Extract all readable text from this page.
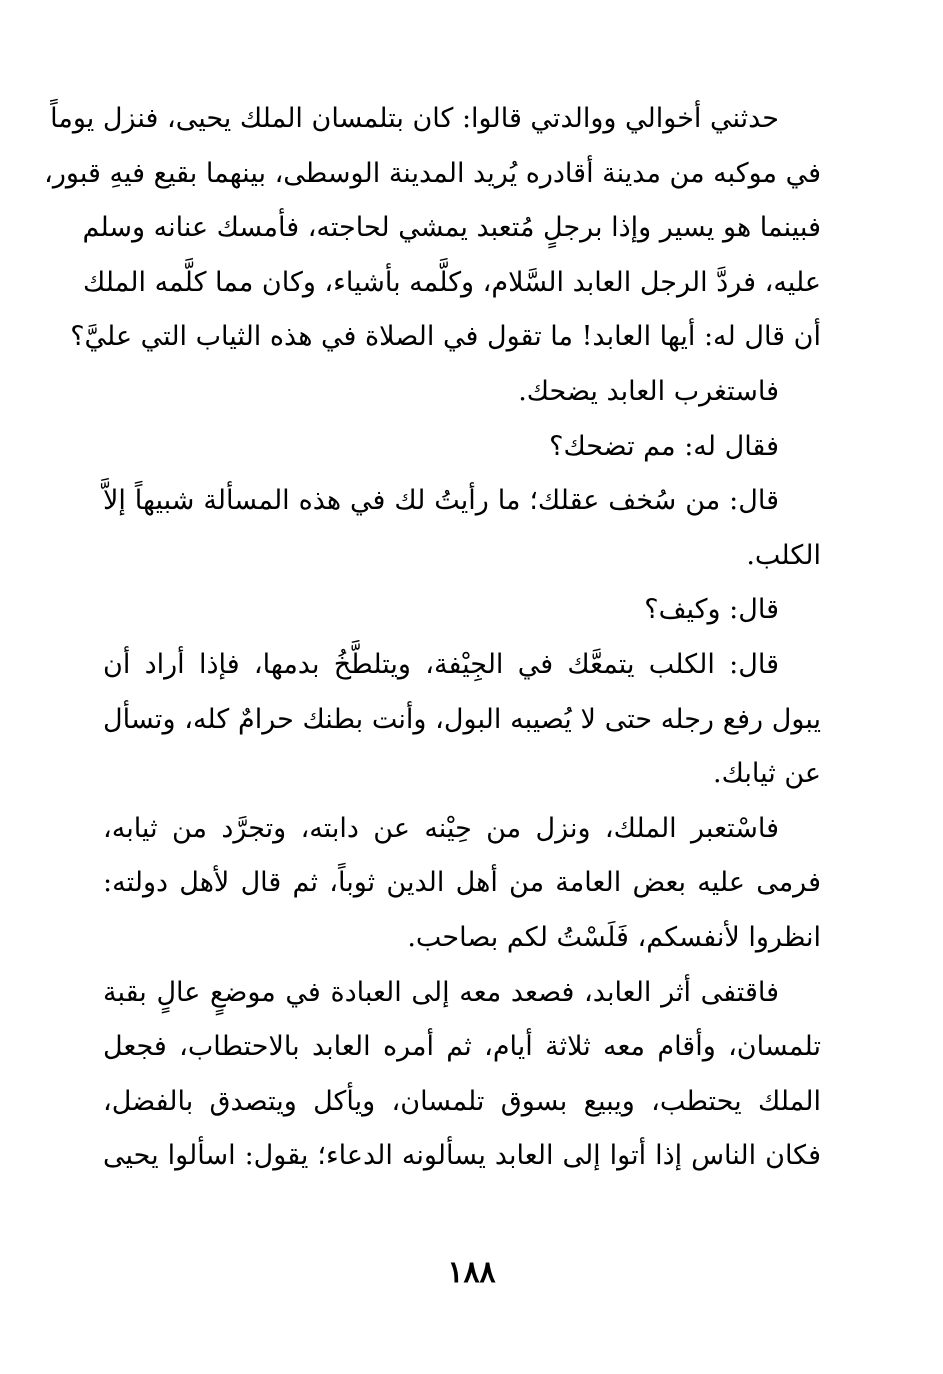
حدثني أخوالي ووالدتي قالوا: كان بتلمسان الملك يحيى، فنزل يوماً
في موكبه من مدينة أقادره يُريد المدينة الوسطى، بينهما بقيع فيهِ قبور،
فبينما هو يسير وإذا برجلٍ مُتعبد يمشي لحاجته، فأمسك عنانه وسلم
عليه، فردَّ الرجل العابد السَّلام، وكلَّمه بأشياء، وكان مما كلَّمه الملك
أن قال له: أيها العابد! ما تقول في الصلاة في هذه الثياب التي عليَّ؟
فاستغرب العابد يضحك.
فقال له: مم تضحك؟
قال: من سُخف عقلك؛ ما رأيتُ لك في هذه المسألة شبيهاً إلاَّ
الكلب.
قال: وكيف؟
قال: الكلب يتمعَّك في الجِيْفة، ويتلطَّخُ بدمها، فإذا أراد أن
يبول رفع رجله حتى لا يُصيبه البول، وأنت بطنك حرامٌ كله، وتسأل
عن ثيابك.
فاسْتعبر الملك، ونزل من حِيْنه عن دابته، وتجرَّد من ثيابه،
فرمى عليه بعض العامة من أهل الدين ثوباً، ثم قال لأهل دولته:
انظروا لأنفسكم، فَلَسْتُ لكم بصاحب.
فاقتفى أثر العابد، فصعد معه إلى العبادة في موضعٍ عالٍ بقبة
تلمسان، وأقام معه ثلاثة أيام، ثم أمره العابد بالاحتطاب، فجعل
الملك يحتطب، ويبيع بسوق تلمسان، ويأكل ويتصدق بالفضل،
فكان الناس إذا أتوا إلى العابد يسألونه الدعاء؛ يقول: اسألوا يحيى
١٨٨
